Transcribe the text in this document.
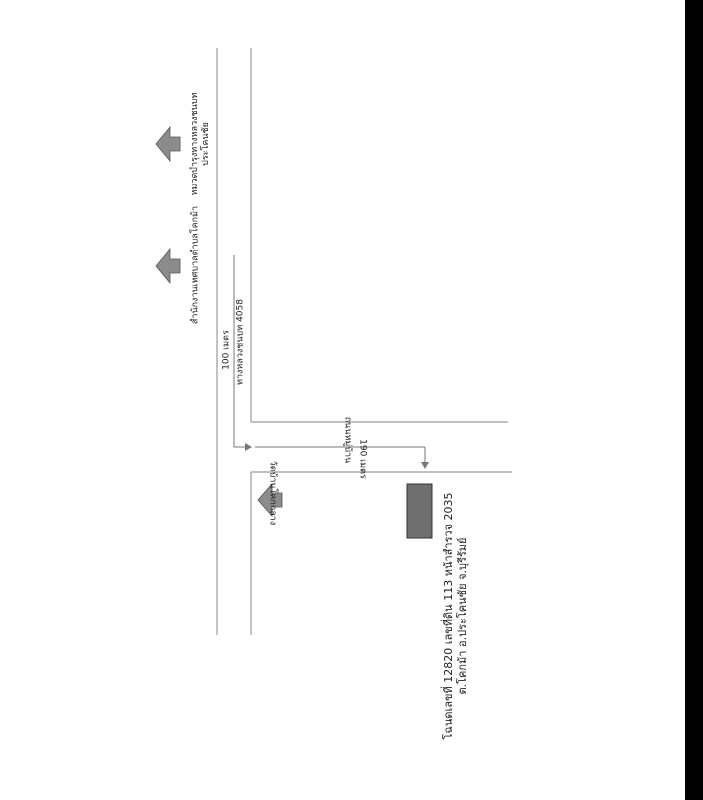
สำนักงานเทศบาลตำบลโคกม้า
หมวดบำรุงทางหลวงชนบท ประโคนชัย
100 เมตร ทางหลวงชนบท 4058
วัดบ้านโคกกลาง
ถนนหมู่บ้าน 190 เมตร
โฉนดเลขที่ 12820 เลขที่ดิน 113 หน้าสำรวจ 2035 ต.โคกม้า อ.ประโคนชัย จ.บุรีรัมย์
